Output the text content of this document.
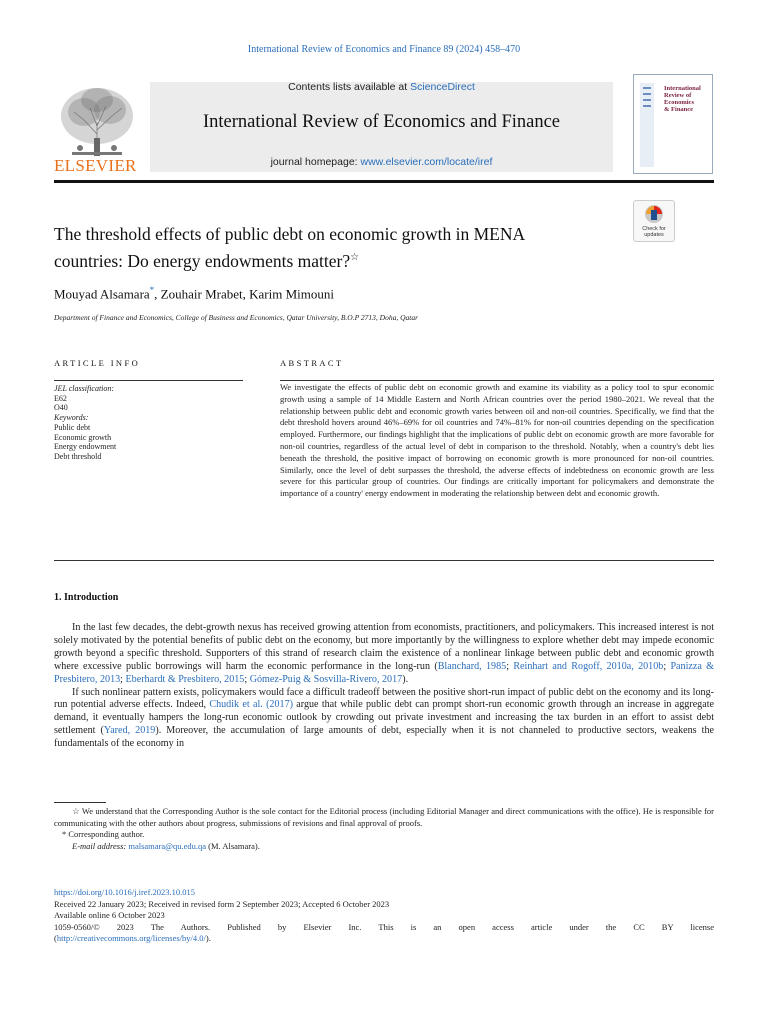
International Review of Economics and Finance 89 (2024) 458–470
ELSEVIER
Contents lists available at ScienceDirect
International Review of Economics and Finance
journal homepage: www.elsevier.com/locate/iref
International
Review of
Economics
& Finance
Check for
updates
The threshold effects of public debt on economic growth in MENA
countries: Do energy endowments matter?☆
Mouyad Alsamara*, Zouhair Mrabet, Karim Mimouni
Department of Finance and Economics, College of Business and Economics, Qatar University, B.O.P 2713, Doha, Qatar
ARTICLE INFO
JEL classification:
E62
O40
Keywords:
Public debt
Economic growth
Energy endowment
Debt threshold
ABSTRACT
We investigate the effects of public debt on economic growth and examine its viability as a policy tool to spur economic growth using a sample of 14 Middle Eastern and North African countries over the period 1980–2021. We reveal that the relationship between public debt and economic growth varies between oil and non-oil countries. Specifically, we find that the debt threshold hovers around 46%–69% for oil countries and 74%–81% for non-oil countries depending on the specification employed. Furthermore, our findings highlight that the implications of public debt on economic growth are more favorable for non-oil countries, regardless of the actual level of debt in comparison to the threshold. Notably, when a country's debt lies beneath the threshold, the positive impact of borrowing on economic growth is more pronounced for non-oil countries. Similarly, once the level of debt surpasses the threshold, the adverse effects of indebtedness on economic growth are less severe for this particular group of countries. Our findings are critically important for policymakers and demonstrate the importance of a country' energy endowment in moderating the relationship between debt and economic growth.
1. Introduction

In the last few decades, the debt-growth nexus has received growing attention from economists, practitioners, and policymakers. This increased interest is not solely motivated by the potential benefits of public debt on the economy, but more importantly by the willingness to explore whether debt may impede economic growth beyond a specific threshold. Supporters of this strand of research claim the existence of a nonlinear linkage between public debt and economic growth where excessive public borrowings will harm the economic performance in the long-run (Blanchard, 1985; Reinhart and Rogoff, 2010a, 2010b; Panizza & Presbitero, 2013; Eberhardt & Presbitero, 2015; Gómez-Puig & Sosvilla-Rivero, 2017).

If such nonlinear pattern exists, policymakers would face a difficult tradeoff between the positive short-run impact of public debt on the economy and its long-run potential adverse effects. Indeed, Chudik et al. (2017) argue that while public debt can prompt short-run economic growth through an increase in aggregate demand, it eventually hampers the long-run economic outlook by crowding out private investment and increasing the tax burden in an effort to assist debt settlement (Yared, 2019). Moreover, the accumulation of large amounts of debt, especially when it is not channeled to productive sectors, weakens the fundamentals of the economy in

☆ We understand that the Corresponding Author is the sole contact for the Editorial process (including Editorial Manager and direct communications with the office). He is responsible for communicating with the other authors about progress, submissions of revisions and final approval of proofs.

* Corresponding author.

E-mail address: malsamara@qu.edu.qa (M. Alsamara).

https://doi.org/10.1016/j.iref.2023.10.015

Received 22 January 2023; Received in revised form 2 September 2023; Accepted 6 October 2023

Available online 6 October 2023

1059-0560/© 2023 The Authors. Published by Elsevier Inc. This is an open access article under the CC BY license

(http://creativecommons.org/licenses/by/4.0/).
